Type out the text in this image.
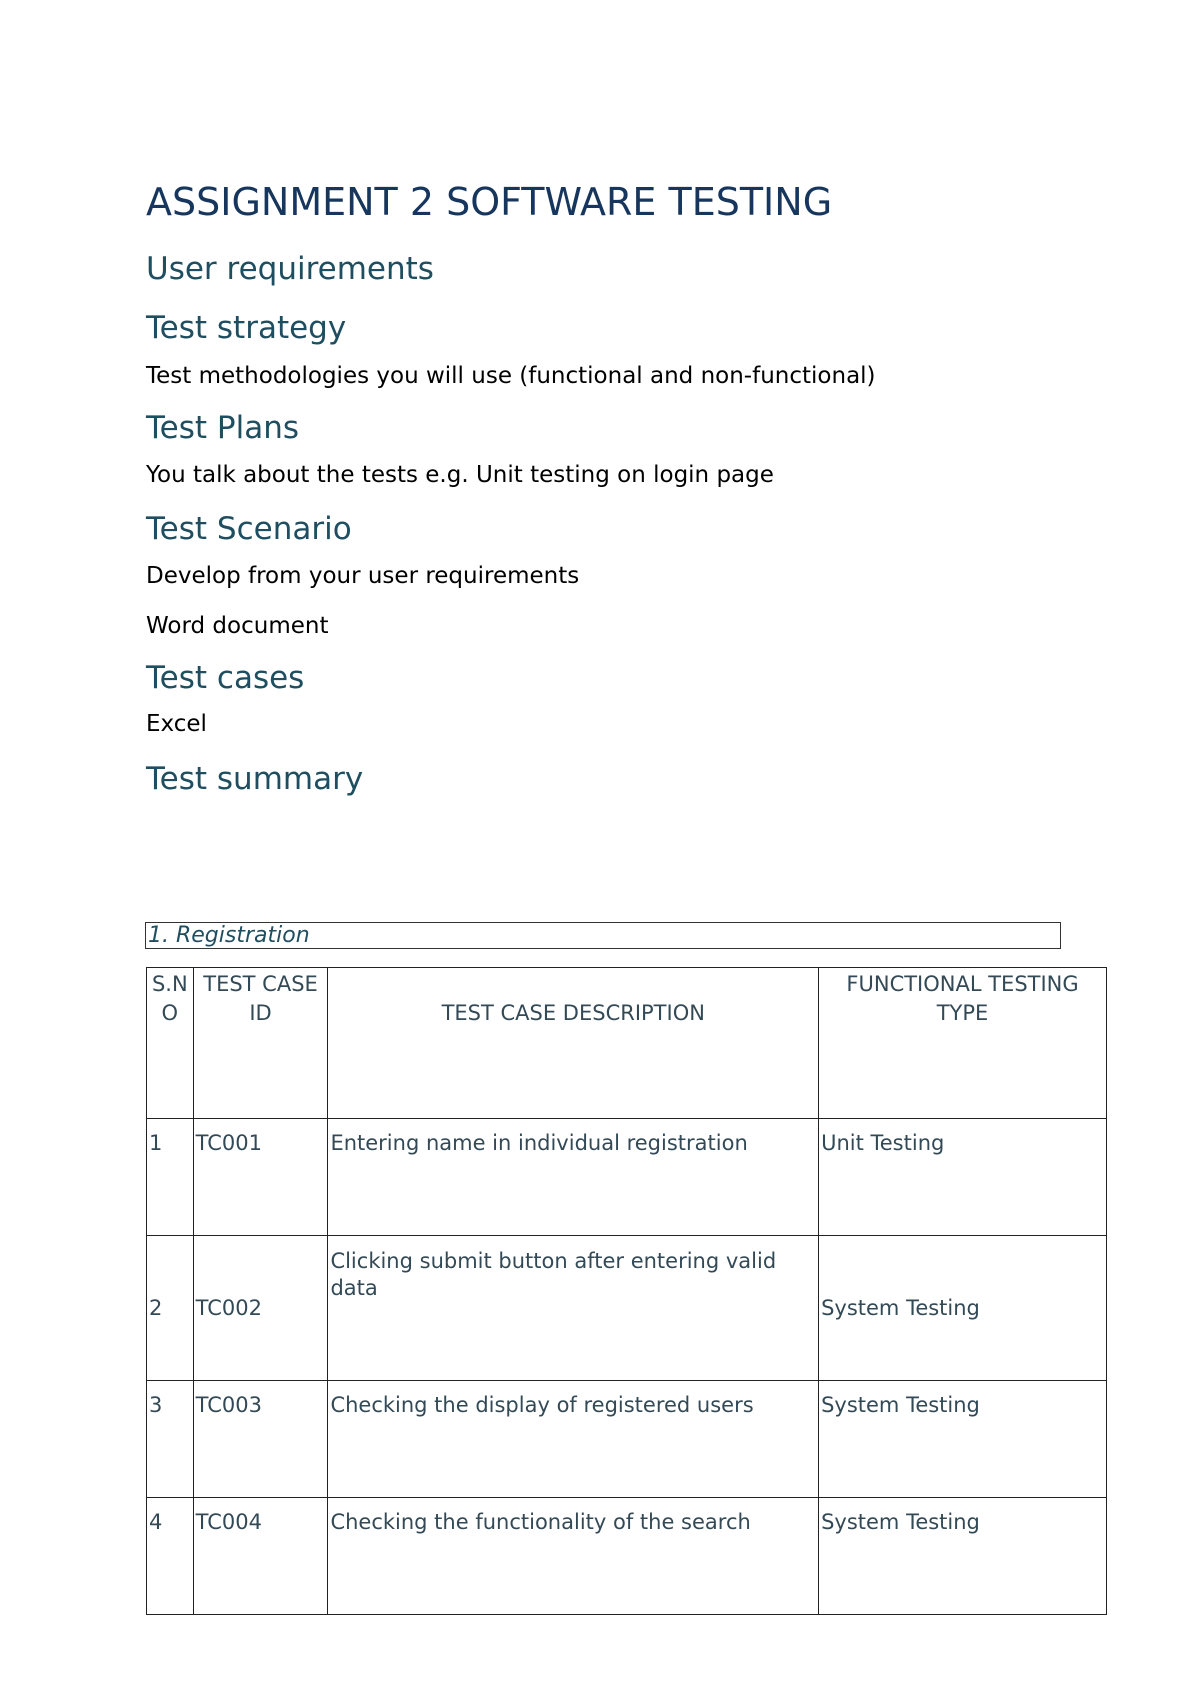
ASSIGNMENT 2 SOFTWARE TESTING
User requirements
Test strategy

Test methodologies you will use (functional and non-functional)

Test Plans

You talk about the tests e.g. Unit testing on login page

Test Scenario

Develop from your user requirements

Word document

Test cases

Excel

Test summary
1. Registration
S.NO	TEST CASE ID	TEST CASE DESCRIPTION	FUNCTIONAL TESTING TYPE
1	TC001	Entering name in individual registration	Unit Testing
2	TC002	Clicking submit button after entering valid data	System Testing
3	TC003	Checking the display of registered users	System Testing
4	TC004	Checking the functionality of the search	System Testing
